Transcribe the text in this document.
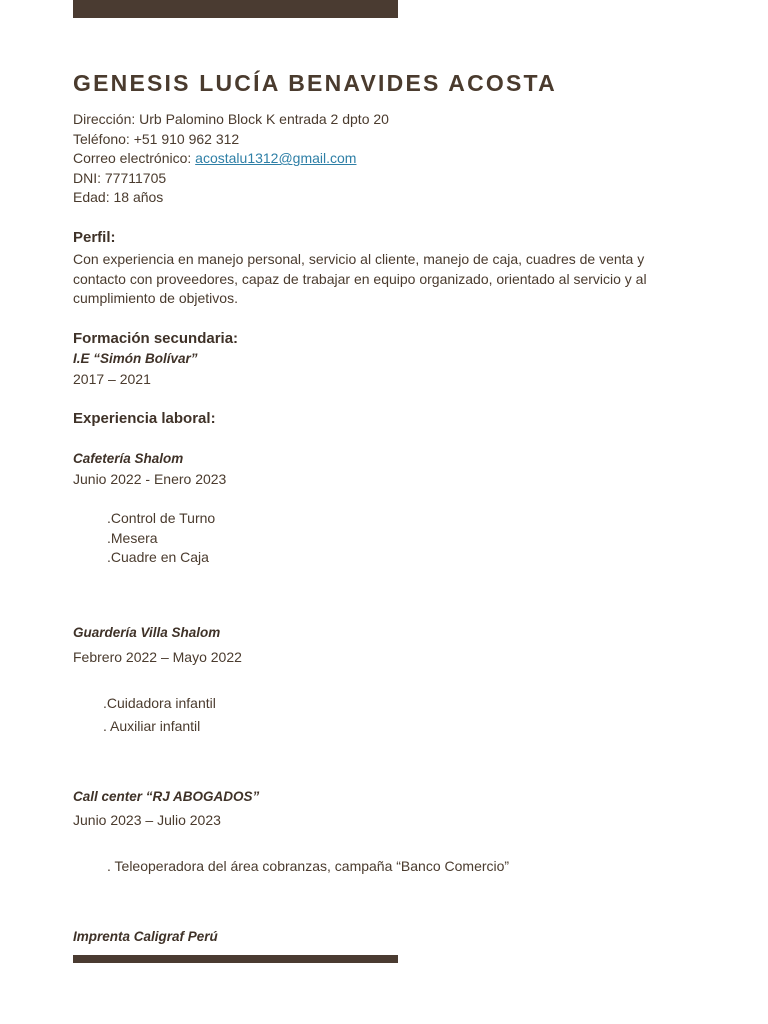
GENESIS LUCÍA BENAVIDES ACOSTA
Dirección: Urb Palomino Block K entrada 2 dpto 20
Teléfono: +51 910 962 312
Correo electrónico: acostalu1312@gmail.com
DNI: 77711705
Edad: 18 años
Perfil:
Con experiencia en manejo personal, servicio al cliente, manejo de caja, cuadres de venta y contacto con proveedores, capaz de trabajar en equipo organizado, orientado al servicio y al cumplimiento de objetivos.
Formación secundaria:
I.E “Simón Bolívar”
2017 – 2021
Experiencia laboral:
Cafetería Shalom
Junio 2022 - Enero 2023
.Control de Turno
.Mesera
.Cuadre en Caja
Guardería Villa Shalom
Febrero 2022 – Mayo 2022
.Cuidadora infantil
. Auxiliar infantil
Call center “RJ ABOGADOS”
Junio 2023 – Julio 2023
. Teleoperadora del área cobranzas, campaña “Banco Comercio”
Imprenta Caligraf Perú
